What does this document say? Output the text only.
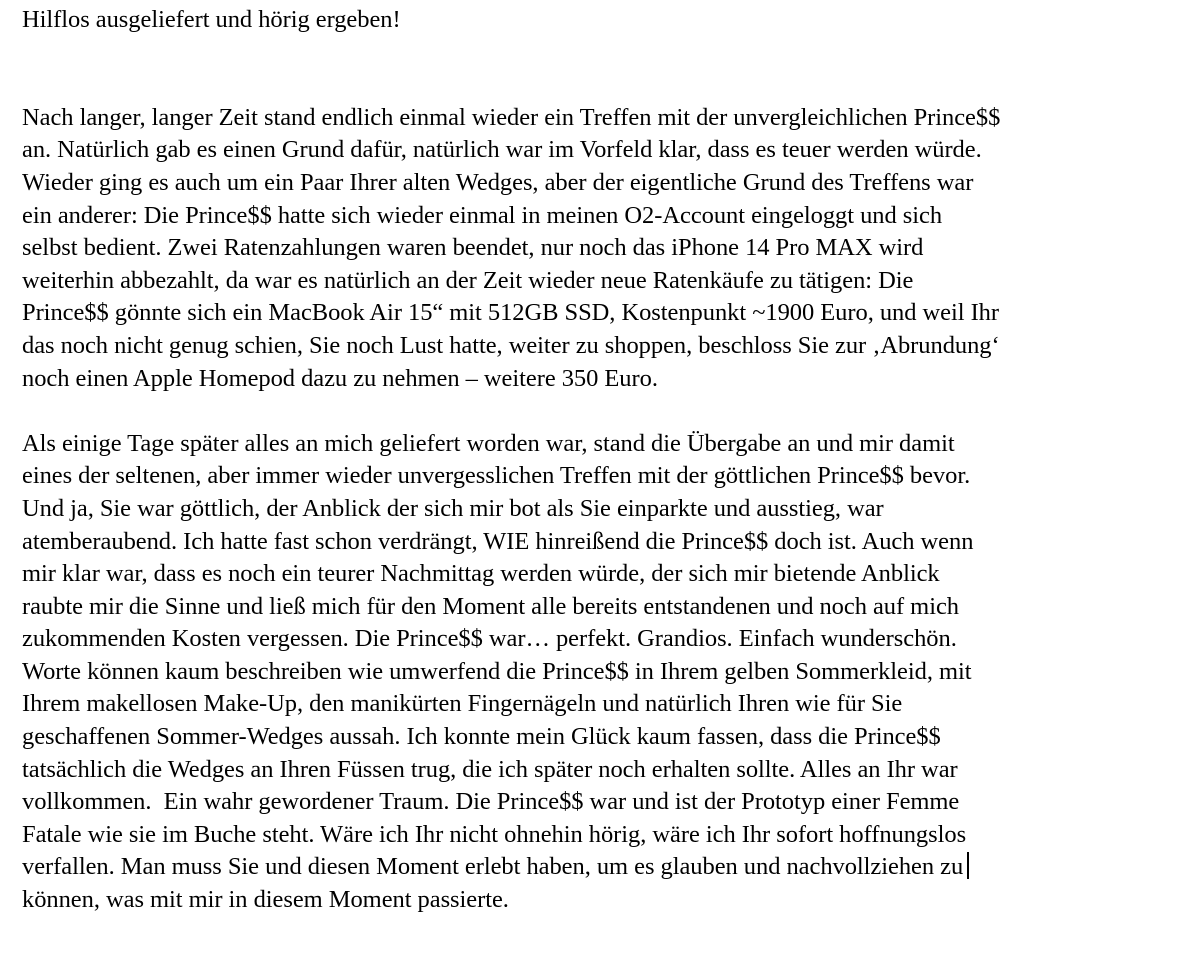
Hilflos ausgeliefert und hörig ergeben!
Nach langer, langer Zeit stand endlich einmal wieder ein Treffen mit der unvergleichlichen Prince$$
an. Natürlich gab es einen Grund dafür, natürlich war im Vorfeld klar, dass es teuer werden würde.
Wieder ging es auch um ein Paar Ihrer alten Wedges, aber der eigentliche Grund des Treffens war
ein anderer: Die Prince$$ hatte sich wieder einmal in meinen O2-Account eingeloggt und sich
selbst bedient. Zwei Ratenzahlungen waren beendet, nur noch das iPhone 14 Pro MAX wird
weiterhin abbezahlt, da war es natürlich an der Zeit wieder neue Ratenkäufe zu tätigen: Die
Prince$$ gönnte sich ein MacBook Air 15“ mit 512GB SSD, Kostenpunkt ~1900 Euro, und weil Ihr
das noch nicht genug schien, Sie noch Lust hatte, weiter zu shoppen, beschloss Sie zur ‚Abrundung‘
noch einen Apple Homepod dazu zu nehmen – weitere 350 Euro.
Als einige Tage später alles an mich geliefert worden war, stand die Übergabe an und mir damit
eines der seltenen, aber immer wieder unvergesslichen Treffen mit der göttlichen Prince$$ bevor.
Und ja, Sie war göttlich, der Anblick der sich mir bot als Sie einparkte und ausstieg, war
atemberaubend. Ich hatte fast schon verdrängt, WIE hinreißend die Prince$$ doch ist. Auch wenn
mir klar war, dass es noch ein teurer Nachmittag werden würde, der sich mir bietende Anblick
raubte mir die Sinne und ließ mich für den Moment alle bereits entstandenen und noch auf mich
zukommenden Kosten vergessen. Die Prince$$ war… perfekt. Grandios. Einfach wunderschön.
Worte können kaum beschreiben wie umwerfend die Prince$$ in Ihrem gelben Sommerkleid, mit
Ihrem makellosen Make-Up, den manikürten Fingernägeln und natürlich Ihren wie für Sie
geschaffenen Sommer-Wedges aussah. Ich konnte mein Glück kaum fassen, dass die Prince$$
tatsächlich die Wedges an Ihren Füssen trug, die ich später noch erhalten sollte. Alles an Ihr war
vollkommen.  Ein wahr gewordener Traum. Die Prince$$ war und ist der Prototyp einer Femme
Fatale wie sie im Buche steht. Wäre ich Ihr nicht ohnehin hörig, wäre ich Ihr sofort hoffnungslos
verfallen. Man muss Sie und diesen Moment erlebt haben, um es glauben und nachvollziehen zu
können, was mit mir in diesem Moment passierte.
